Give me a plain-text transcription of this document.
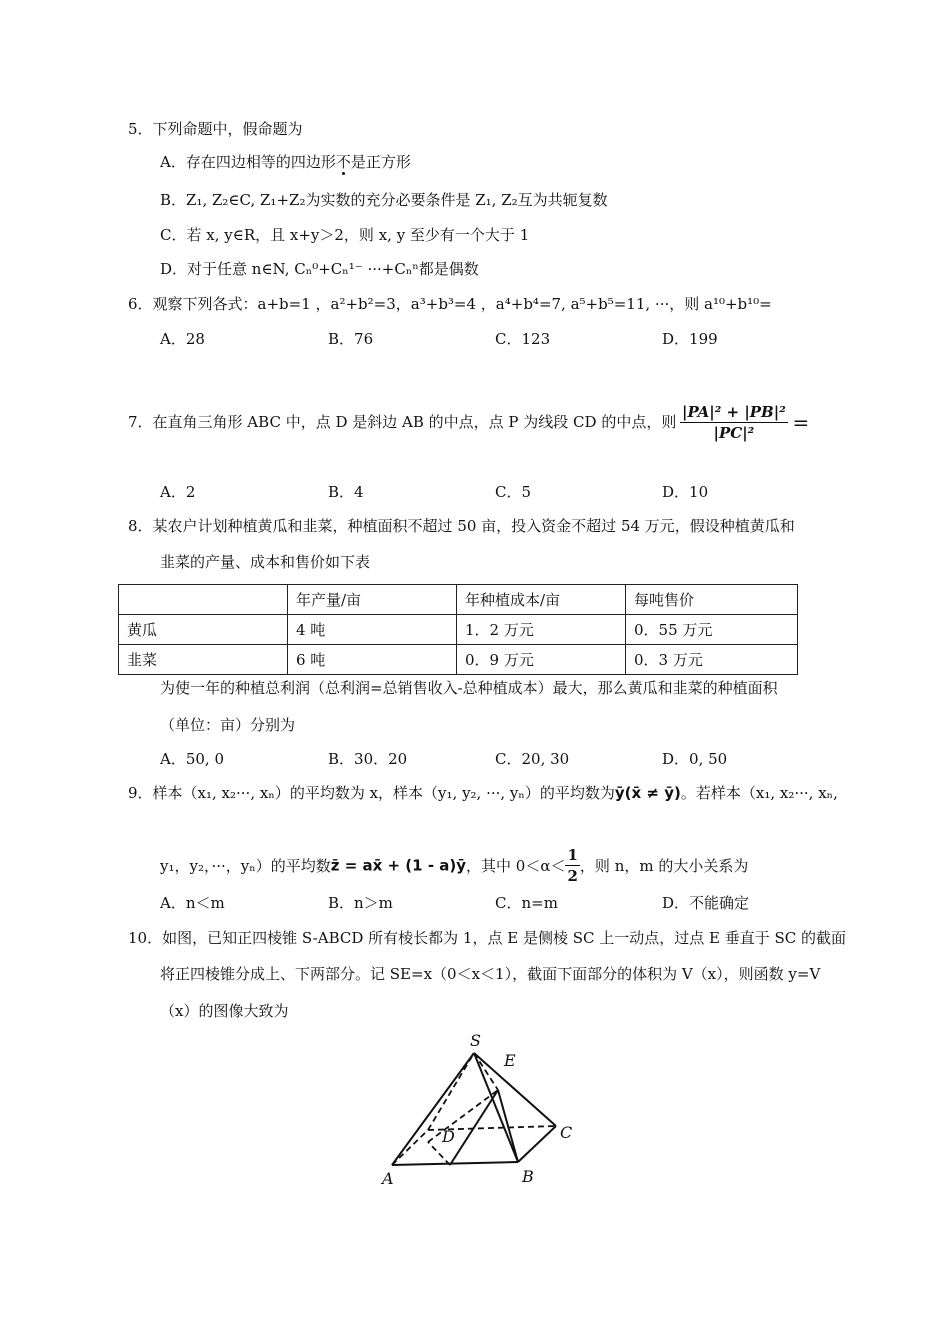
5．下列命题中，假命题为
A．存在四边相等的四边形不是正方形
B．Z₁, Z₂∈C, Z₁+Z₂为实数的充分必要条件是 Z₁, Z₂互为共轭复数
C．若 x, y∈R，且 x+y＞2，则 x, y 至少有一个大于 1
D．对于任意 n∈N, Cₙ⁰+Cₙ¹⁻ ···+Cₙⁿ都是偶数
6．观察下列各式：a+b=1 ，a²+b²=3，a³+b³=4 ，a⁴+b⁴=7, a⁵+b⁵=11, ···，则 a¹⁰+b¹⁰=
A．28	B．76	C．123	D．199
7．在直角三角形 ABC 中，点 D 是斜边 AB 的中点，点 P 为线段 CD 的中点，则 $\frac{\text{|PA|² + |PB|²}}{\text{|PC|²}}$ =
A．2	B．4	C．5	D．10
8．某农户计划种植黄瓜和韭菜，种植面积不超过 50 亩，投入资金不超过 54 万元，假设种植黄瓜和
韭菜的产量、成本和售价如下表
	年产量/亩	年种植成本/亩	每吨售价
黄瓜	4 吨	1．2 万元	0．55 万元
韭菜	6 吨	0．9 万元	0．3 万元
为使一年的种植总利润（总利润=总销售收入-总种植成本）最大，那么黄瓜和韭菜的种植面积
（单位：亩）分别为
A．50, 0	B．30．20	C．20, 30	D．0, 50
9．样本（x₁, x₂···, xₙ）的平均数为 x，样本（y₁, y₂, ···, yₙ）的平均数为ȳ(x̄ ≠ ȳ)。若样本（x₁, x₂···, xₙ,
y₁，y₂，···，yₙ）的平均数z̄ = ax̄ + (1 - a)ȳ，其中 $0<\alpha< \frac{1}{2}$ ，则 n，m 的大小关系为
A．n＜m	B．n＞m	C．n=m	D．不能确定
10．如图，已知正四棱锥 S-ABCD 所有棱长都为 1，点 E 是侧棱 SC 上一动点，过点 E 垂直于 SC 的截面
将正四棱锥分成上、下两部分。记 SE=x（0＜x＜1），截面下面部分的体积为 V（x），则函数 y=V
（x）的图像大致为
S
E
D	C
A	B
